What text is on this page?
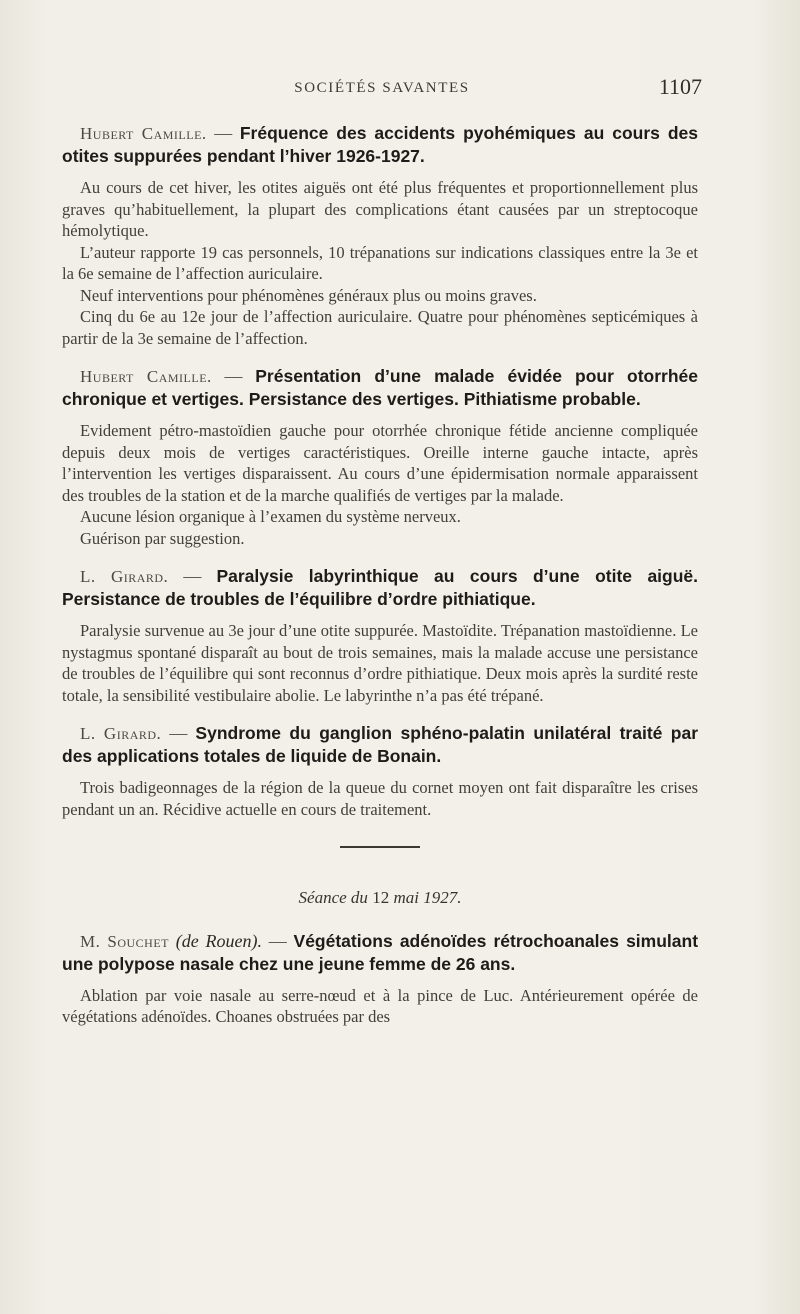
SOCIÉTÉS SAVANTES	1107

Hubert Camille. — Fréquence des accidents pyohémiques au cours des otites suppurées pendant l’hiver 1926-1927.

Au cours de cet hiver, les otites aiguës ont été plus fréquentes et proportionnellement plus graves qu’habituellement, la plupart des complications étant causées par un streptocoque hémolytique.

L’auteur rapporte 19 cas personnels, 10 trépanations sur indications classiques entre la 3e et la 6e semaine de l’affection auriculaire.

Neuf interventions pour phénomènes généraux plus ou moins graves.

Cinq du 6e au 12e jour de l’affection auriculaire. Quatre pour phénomènes septicémiques à partir de la 3e semaine de l’affection.

Hubert Camille. — Présentation d’une malade évidée pour otorrhée chronique et vertiges. Persistance des vertiges. Pithiatisme probable.

Evidement pétro-mastoïdien gauche pour otorrhée chronique fétide ancienne compliquée depuis deux mois de vertiges caractéristiques. Oreille interne gauche intacte, après l’intervention les vertiges disparaissent. Au cours d’une épidermisation normale apparaissent des troubles de la station et de la marche qualifiés de vertiges par la malade.

Aucune lésion organique à l’examen du système nerveux.

Guérison par suggestion.

L. Girard. — Paralysie labyrinthique au cours d’une otite aiguë. Persistance de troubles de l’équilibre d’ordre pithiatique.

Paralysie survenue au 3e jour d’une otite suppurée. Mastoïdite. Trépanation mastoïdienne. Le nystagmus spontané disparaît au bout de trois semaines, mais la malade accuse une persistance de troubles de l’équilibre qui sont reconnus d’ordre pithiatique. Deux mois après la surdité reste totale, la sensibilité vestibulaire abolie. Le labyrinthe n’a pas été trépané.

L. Girard. — Syndrome du ganglion sphéno-palatin unilatéral traité par des applications totales de liquide de Bonain.

Trois badigeonnages de la région de la queue du cornet moyen ont fait disparaître les crises pendant un an. Récidive actuelle en cours de traitement.

Séance du 12 mai 1927.

M. Souchet (de Rouen). — Végétations adénoïdes rétrochoanales simulant une polypose nasale chez une jeune femme de 26 ans.

Ablation par voie nasale au serre-nœud et à la pince de Luc. Antérieurement opérée de végétations adénoïdes. Choanes obstruées par des
